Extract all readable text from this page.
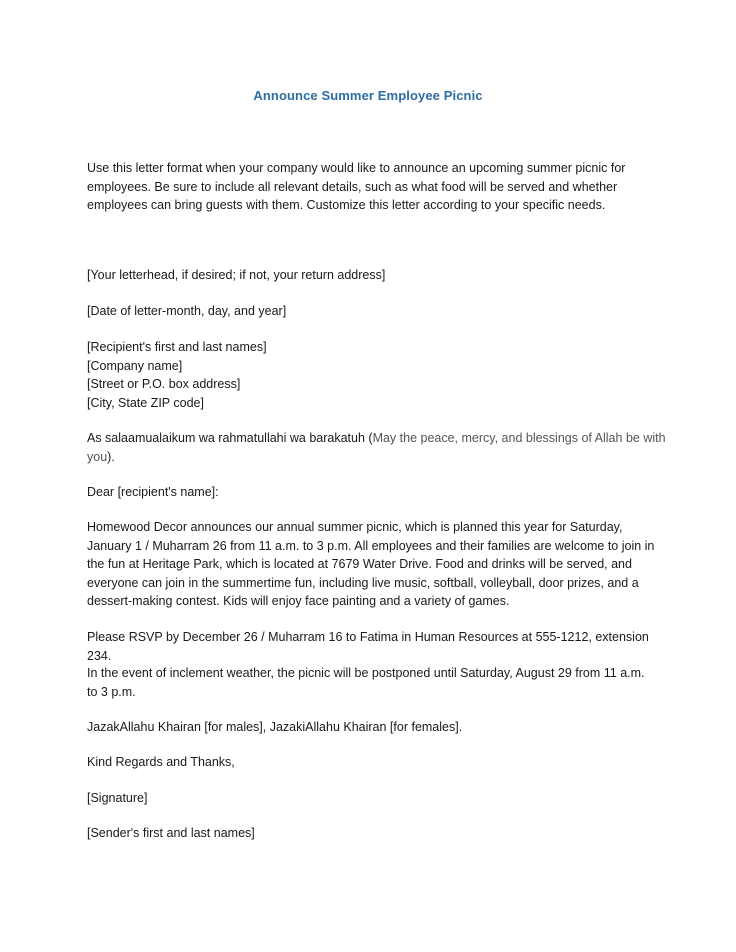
Announce Summer Employee Picnic
Use this letter format when your company would like to announce an upcoming summer picnic for
employees. Be sure to include all relevant details, such as what food will be served and whether
employees can bring guests with them. Customize this letter according to your specific needs.
[Your letterhead, if desired; if not, your return address]
[Date of letter-month, day, and year]
[Recipient's first and last names]
[Company name]
[Street or P.O. box address]
[City, State ZIP code]
As salaamualaikum wa rahmatullahi wa barakatuh (May the peace, mercy, and blessings of Allah be with
you).
Dear [recipient's name]:
Homewood Decor announces our annual summer picnic, which is planned this year for Saturday,
January 1 / Muharram 26 from 11 a.m. to 3 p.m. All employees and their families are welcome to join in
the fun at Heritage Park, which is located at 7679 Water Drive. Food and drinks will be served, and
everyone can join in the summertime fun, including live music, softball, volleyball, door prizes, and a
dessert-making contest. Kids will enjoy face painting and a variety of games.
Please RSVP by December 26 / Muharram 16 to Fatima in Human Resources at 555-1212, extension 234.
In the event of inclement weather, the picnic will be postponed until Saturday, August 29 from 11 a.m.
to 3 p.m.
JazakAllahu Khairan [for males], JazakiAllahu Khairan [for females].
Kind Regards and Thanks,
[Signature]
[Sender's first and last names]
